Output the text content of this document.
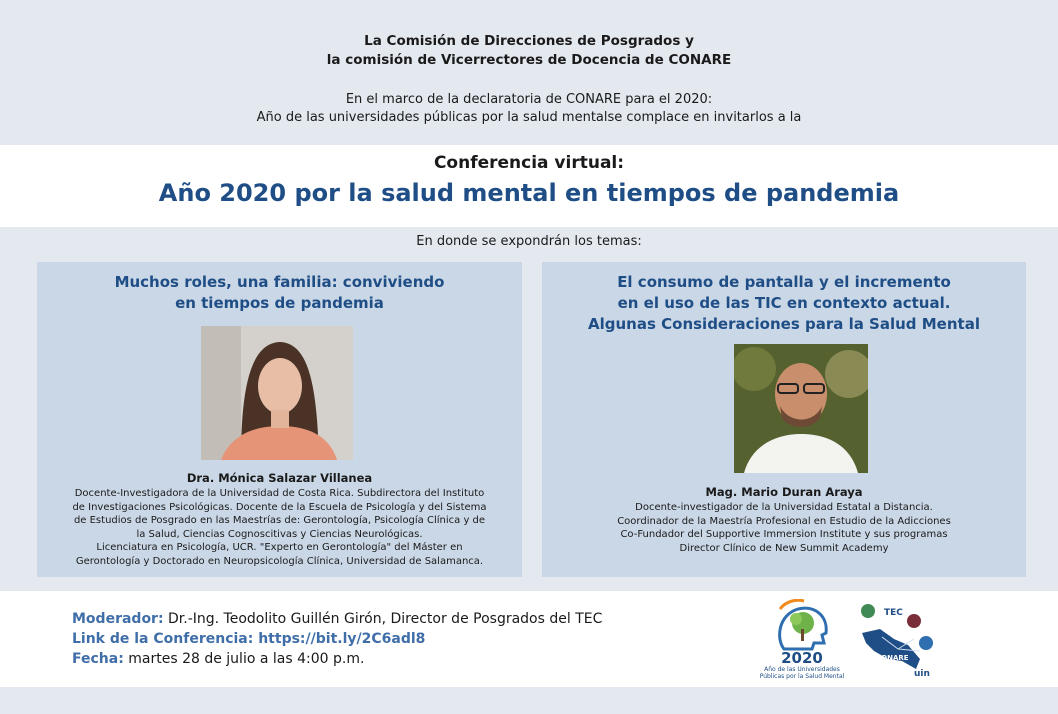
La Comisión de Direcciones de Posgrados y
la comisión de Vicerrectores de Docencia de CONARE
En el marco de la declaratoria de CONARE para el 2020:
Año de las universidades públicas por la salud mentalse complace en invitarlos a la
Conferencia virtual:
Año 2020 por la salud mental en tiempos de pandemia
En donde se expondrán los temas:
Muchos roles, una familia: conviviendo
en tiempos de pandemia
Dra. Mónica Salazar Villanea
Docente-Investigadora de la Universidad de Costa Rica. Subdirectora del Instituto
de Investigaciones Psicológicas. Docente de la Escuela de Psicología y del Sistema
de Estudios de Posgrado en las Maestrías de: Gerontología, Psicología Clínica y de
la Salud, Ciencias Cognoscitivas y Ciencias Neurológicas.
Licenciatura en Psicología, UCR. "Experto en Gerontología" del Máster en
Gerontología y Doctorado en Neuropsicología Clínica, Universidad de Salamanca.
El consumo de pantalla y el incremento
en el uso de las TIC en contexto actual.
Algunas Consideraciones para la Salud Mental
Mag. Mario Duran Araya
Docente-investigador de la Universidad Estatal a Distancia.
Coordinador de la Maestría Profesional en Estudio de la Adicciones
Co-Fundador del Supportive Immersion Institute y sus programas
Director Clínico de New Summit Academy
Moderador: Dr.-Ing. Teodolito Guillén Girón, Director de Posgrados del TEC
Link de la Conferencia: https://bit.ly/2C6adl8
Fecha: martes 28 de julio a las 4:00 p.m.	2020
Año de las Universidades
Públicas por la Salud Mental
TEC
CONARE
uin
